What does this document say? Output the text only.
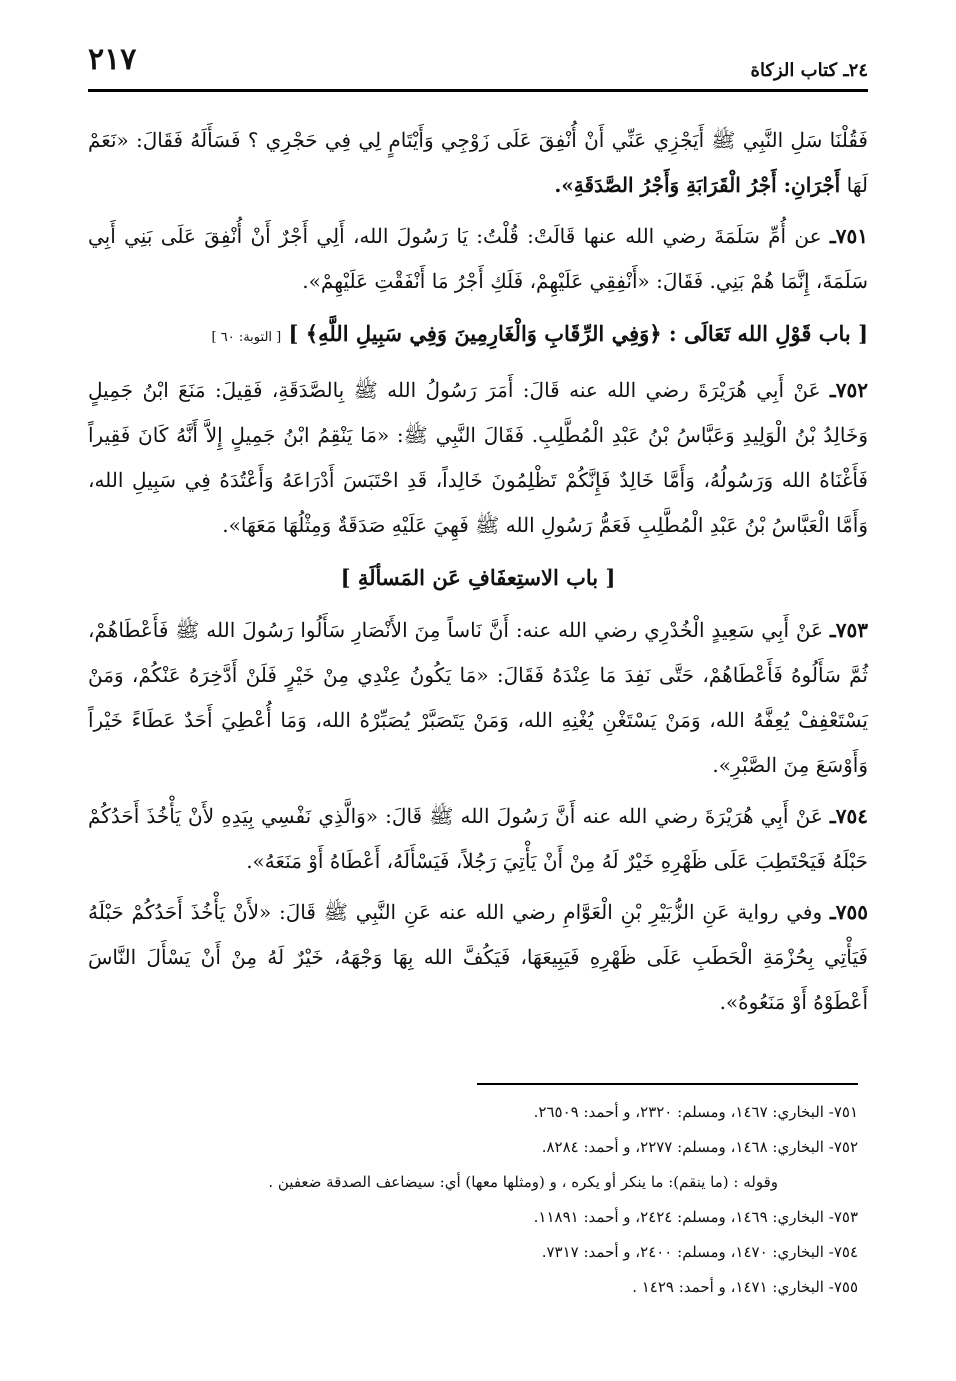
٢١٧	٢٤ـ كتاب الزكاة

فَقُلْنَا سَلِ النَّبِي ﷺ أَيَجْزِي عَنِّي أَنْ أُنْفِقَ عَلَى زَوْجِي وَأَيْتَامٍ لِي فِي حَجْرِي ؟ فَسَأَلَهُ فَقَالَ: «نَعَمْ لَهَا أَجْرَانِ: أَجْرُ الْقَرَابَةِ وَأَجْرُ الصَّدَقَةِ».

٧٥١ـ عن أُمِّ سَلَمَةَ رضي الله عنها قَالَتْ: قُلْتُ: يَا رَسُولَ الله، أَلِي أَجْرٌ أَنْ أُنْفِقَ عَلَى بَنِي أَبِي سَلَمَةَ، إِنَّمَا هُمْ بَنِي. فَقَالَ: «أَنْفِقِي عَلَيْهِمْ، فَلَكِ أَجْرُ مَا أَنْفَقْتِ عَلَيْهِمْ».

[ باب قَوْلِ الله تَعَالَى : ﴿وَفِي الرِّقَابِ وَالْغَارِمِينَ وَفِي سَبِيلِ اللَّهِ﴾ ] [ التوبة: ٦٠ ]

٧٥٢ـ عَنْ أَبِي هُرَيْرَةَ رضي الله عنه قَالَ: أَمَرَ رَسُولُ الله ﷺ بِالصَّدَقَةِ، فَقِيلَ: مَنَعَ ابْنُ جَمِيلٍ وَخَالِدُ بْنُ الْوَلِيدِ وَعَبَّاسُ بْنُ عَبْدِ الْمُطَّلِبِ. فَقَالَ النَّبِي ﷺ: «مَا يَنْقِمُ ابْنُ جَمِيلٍ إِلاَّ أَنَّهُ كَانَ فَقِيراً فَأَغْنَاهُ الله وَرَسُولُهُ، وَأَمَّا خَالِدٌ فَإِنَّكُمْ تَظْلِمُونَ خَالِداً، قَدِ احْتَبَسَ أَدْرَاعَهُ وَأَعْتُدَهُ فِي سَبِيلِ الله، وَأَمَّا الْعَبَّاسُ بْنُ عَبْدِ الْمُطَّلِبِ فَعَمُّ رَسُولِ الله ﷺ فَهِيَ عَلَيْهِ صَدَقَةٌ وَمِثْلُهَا مَعَهَا».

[ باب الاستِعفَافِ عَن المَسألَةِ ]

٧٥٣ـ عَنْ أَبِي سَعِيدٍ الْخُدْرِي رضي الله عنه: أَنَّ نَاساً مِنَ الأَنْصَارِ سَأَلُوا رَسُولَ الله ﷺ فَأَعْطَاهُمْ، ثُمَّ سَأَلُوهُ فَأَعْطَاهُمْ، حَتَّى نَفِدَ مَا عِنْدَهُ فَقَالَ: «مَا يَكُونُ عِنْدِي مِنْ خَيْرٍ فَلَنْ أَدَّخِرَهُ عَنْكُمْ، وَمَنْ يَسْتَعْفِفْ يُعِفَّهُ الله، وَمَنْ يَسْتَغْنِ يُغْنِهِ الله، وَمَنْ يَتَصَبَّرْ يُصَبِّرْهُ الله، وَمَا أُعْطِيَ أَحَدٌ عَطَاءً خَيْراً وَأَوْسَعَ مِنَ الصَّبْرِ».

٧٥٤ـ عَنْ أَبِي هُرَيْرَةَ رضي الله عنه أَنَّ رَسُولَ الله ﷺ قَالَ: «وَالَّذِي نَفْسِي بِيَدِهِ لأَنْ يَأْخُذَ أَحَدُكُمْ حَبْلَهُ فَيَحْتَطِبَ عَلَى ظَهْرِهِ خَيْرٌ لَهُ مِنْ أَنْ يَأْتِيَ رَجُلاً، فَيَسْأَلَهُ، أَعْطَاهُ أَوْ مَنَعَهُ».

٧٥٥ـ وفي رواية عَنِ الزُّبَيْرِ بْنِ الْعَوَّامِ رضي الله عنه عَنِ النَّبِي ﷺ قَالَ: «لأَنْ يَأْخُذَ أَحَدُكُمْ حَبْلَهُ فَيَأْتِي بِحُزْمَةِ الْحَطَبِ عَلَى ظَهْرِهِ فَيَبِيعَهَا، فَيَكُفَّ الله بِهَا وَجْهَهُ، خَيْرٌ لَهُ مِنْ أَنْ يَسْأَلَ النَّاسَ أَعْطَوْهُ أَوْ مَنَعُوهُ».

٧٥١- البخاري: ١٤٦٧، ومسلم: ٢٣٢٠، و أحمد: ٢٦٥٠٩.

٧٥٢- البخاري: ١٤٦٨، ومسلم: ٢٢٧٧، و أحمد: ٨٢٨٤.

وقوله : (ما ينقم): ما ينكر أو يكره ، و (ومثلها معها) أي: سيضاعف الصدقة ضعفين .

٧٥٣- البخاري: ١٤٦٩، ومسلم: ٢٤٢٤، و أحمد: ١١٨٩١.

٧٥٤- البخاري: ١٤٧٠، ومسلم: ٢٤٠٠، و أحمد: ٧٣١٧.

٧٥٥- البخاري: ١٤٧١، و أحمد: ١٤٢٩ .
